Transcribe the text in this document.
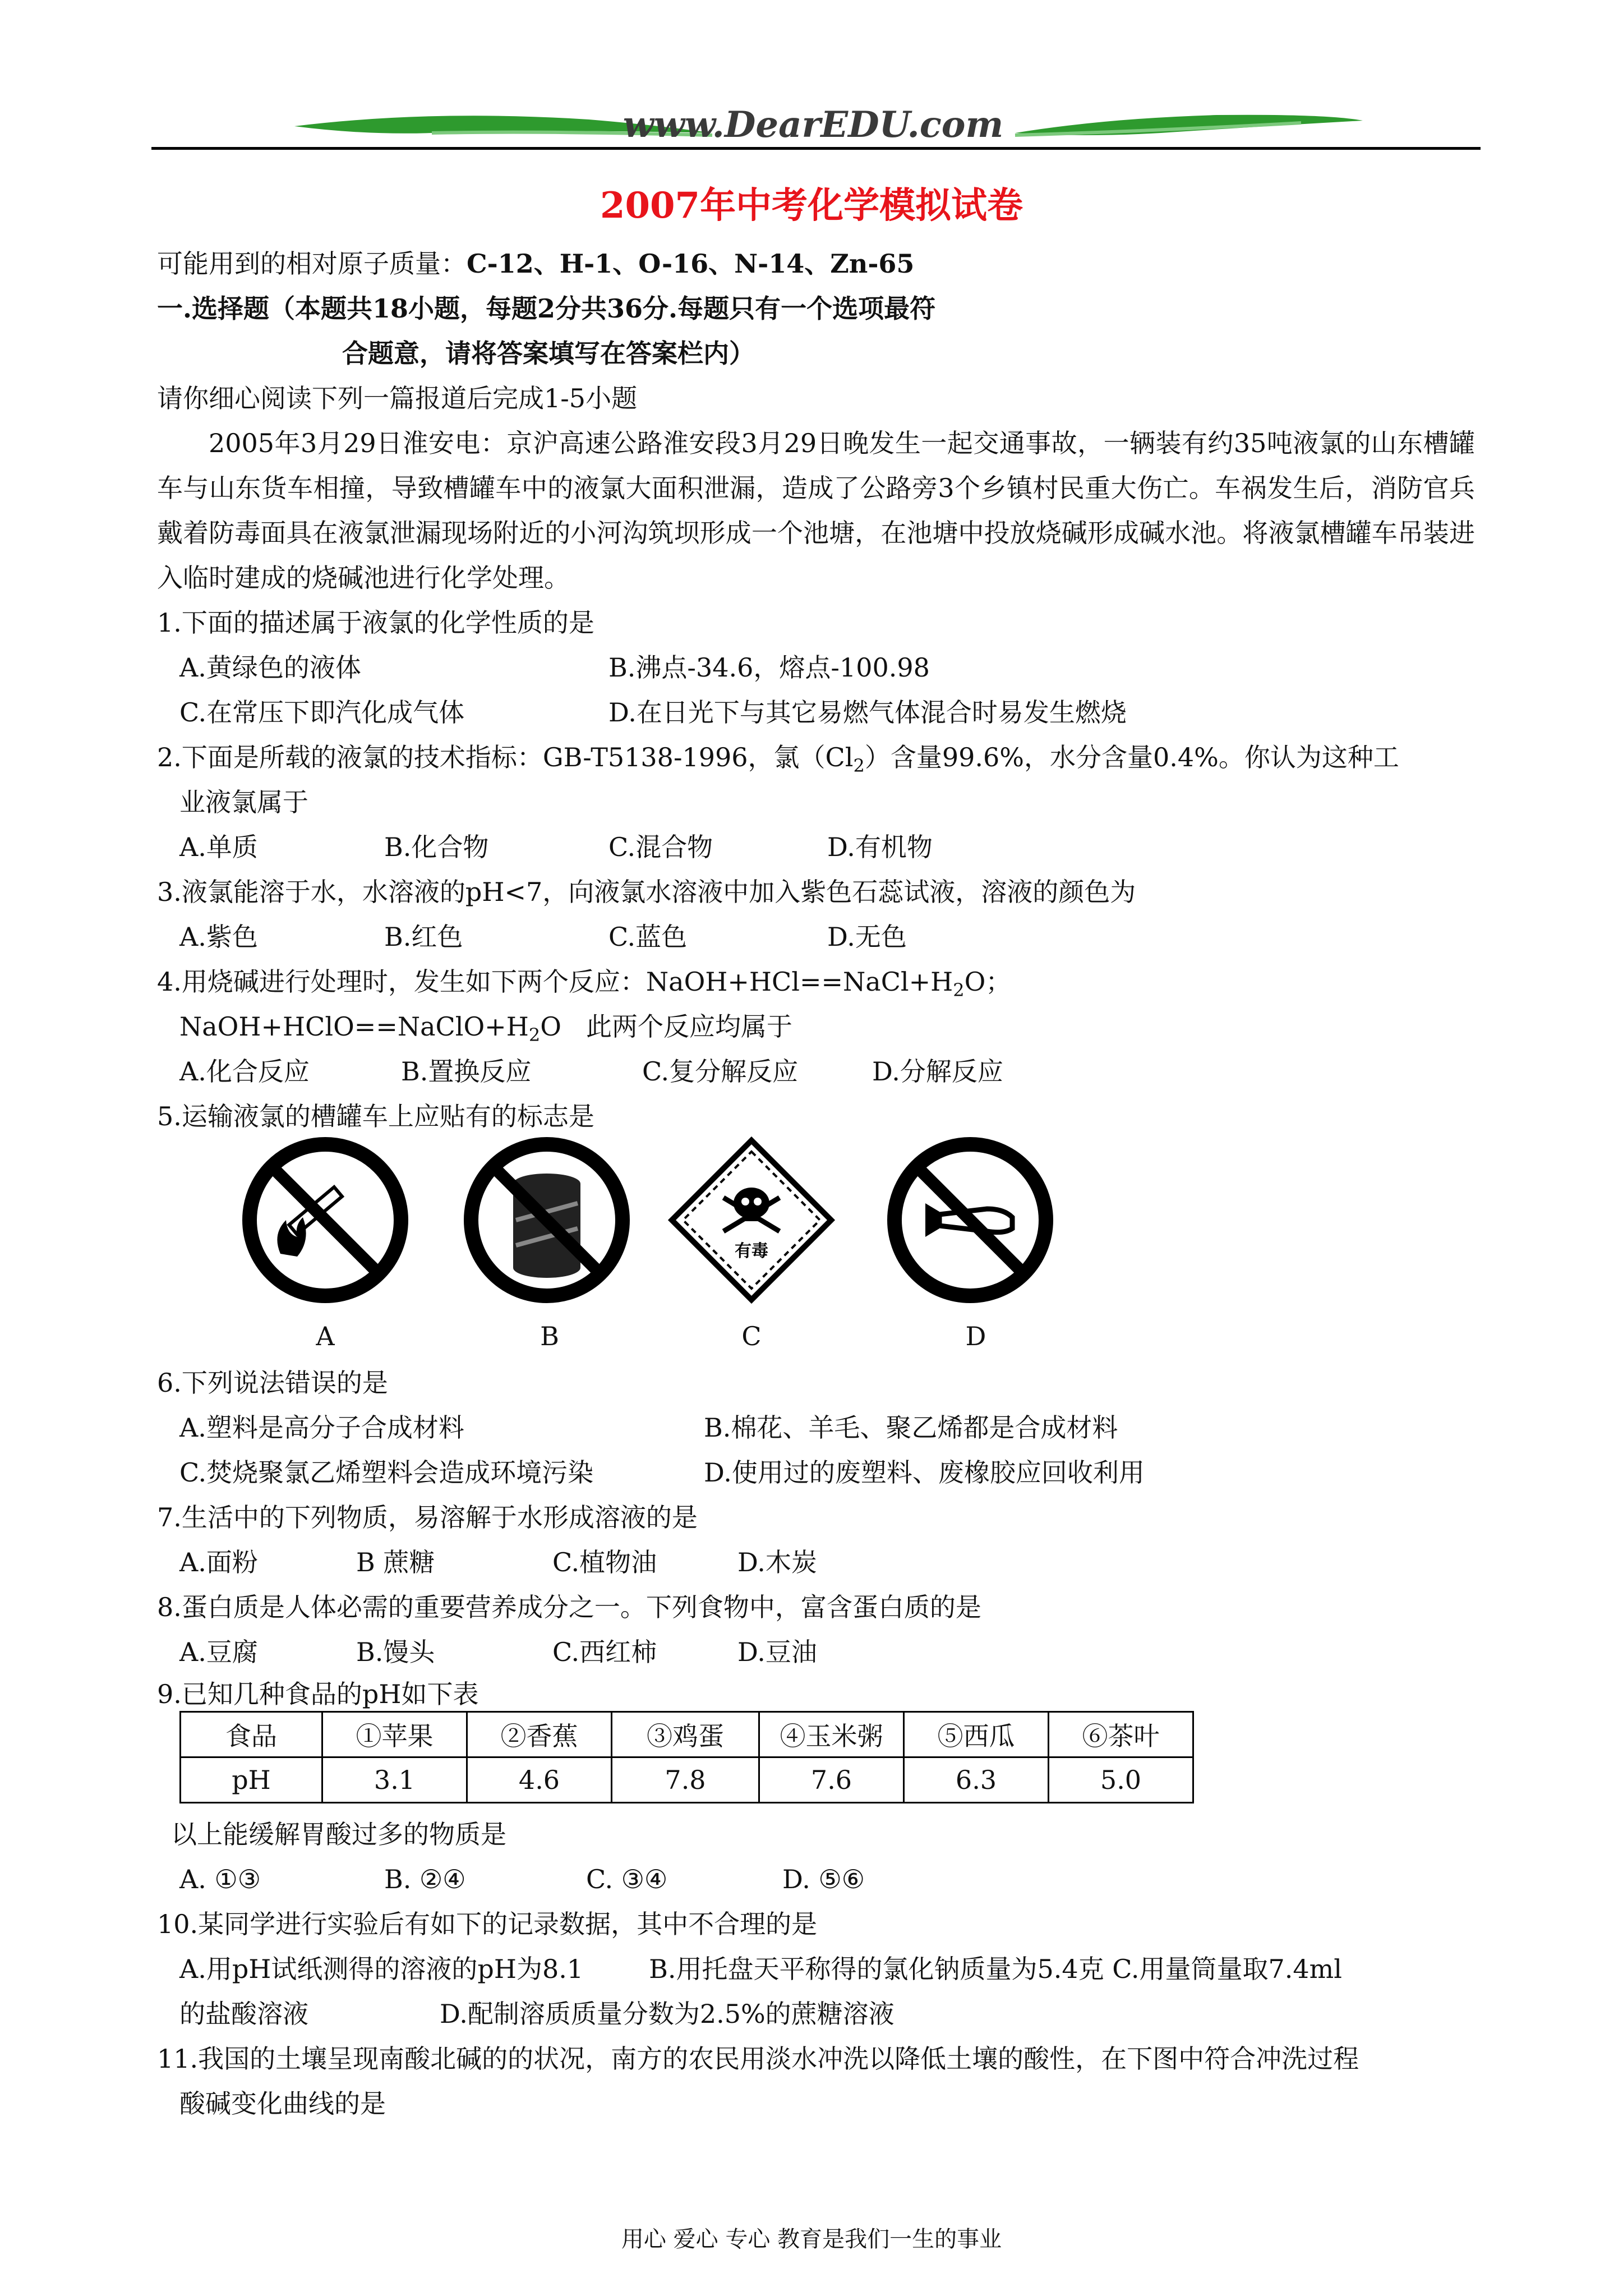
www.DearEDU.com
2007年中考化学模拟试卷
可能用到的相对原子质量：C-12、H-1、O-16、N-14、Zn-65
一.选择题（本题共18小题，每题2分共36分.每题只有一个选项最符
合题意，请将答案填写在答案栏内）
请你细心阅读下列一篇报道后完成1-5小题
2005年3月29日淮安电：京沪高速公路淮安段3月29日晚发生一起交通事故，一辆装有约35吨液氯的山东槽罐车与山东货车相撞，导致槽罐车中的液氯大面积泄漏，造成了公路旁3个乡镇村民重大伤亡。车祸发生后，消防官兵戴着防毒面具在液氯泄漏现场附近的小河沟筑坝形成一个池塘，在池塘中投放烧碱形成碱水池。将液氯槽罐车吊装进入临时建成的烧碱池进行化学处理。
1.下面的描述属于液氯的化学性质的是
A.黄绿色的液体	B.沸点-34.6，熔点-100.98
C.在常压下即汽化成气体	D.在日光下与其它易燃气体混合时易发生燃烧
2.下面是所载的液氯的技术指标：GB-T5138-1996，氯$(Cl_2)$含量99.6%，水分含量0.4%。你认为这种工
业液氯属于
A.单质	B.化合物	C.混合物	D.有机物
3.液氯能溶于水，水溶液的pH<7，向液氯水溶液中加入紫色石蕊试液，溶液的颜色为
A.紫色	B.红色	C.蓝色	D.无色
4.用烧碱进行处理时，发生如下两个反应：$NaOH+HCl==NaCl+H_2O$；
$NaOH+HClO==NaClO+H_2O$ 此两个反应均属于
A.化合反应	B.置换反应	C.复分解反应	D.分解反应
5.运输液氯的槽罐车上应贴有的标志是
A	B
有毒
C	D
6.下列说法错误的是
A.塑料是高分子合成材料	B.棉花、羊毛、聚乙烯都是合成材料
C.焚烧聚氯乙烯塑料会造成环境污染	D.使用过的废塑料、废橡胶应回收利用
7.生活中的下列物质，易溶解于水形成溶液的是
A.面粉	B 蔗糖	C.植物油	D.木炭
8.蛋白质是人体必需的重要营养成分之一。下列食物中，富含蛋白质的是
A.豆腐	B.馒头	C.西红柿	D.豆油
9.已知几种食品的pH如下表
食品	①苹果	②香蕉	③鸡蛋	④玉米粥	⑤西瓜	⑥茶叶
pH	3.1	4.6	7.8	7.6	6.3	5.0
以上能缓解胃酸过多的物质是
A. ①③	B. ②④	C. ③④	D. ⑤⑥
10.某同学进行实验后有如下的记录数据，其中不合理的是
A.用pH试纸测得的溶液的pH为8.1        B.用托盘天平称得的氯化钠质量为5.4克 C.用量筒量取7.4ml
的盐酸溶液                D.配制溶质质量分数为2.5%的蔗糖溶液
11.我国的土壤呈现南酸北碱的的状况，南方的农民用淡水冲洗以降低土壤的酸性，在下图中符合冲洗过程
酸碱变化曲线的是
用心 爱心 专心 教育是我们一生的事业
